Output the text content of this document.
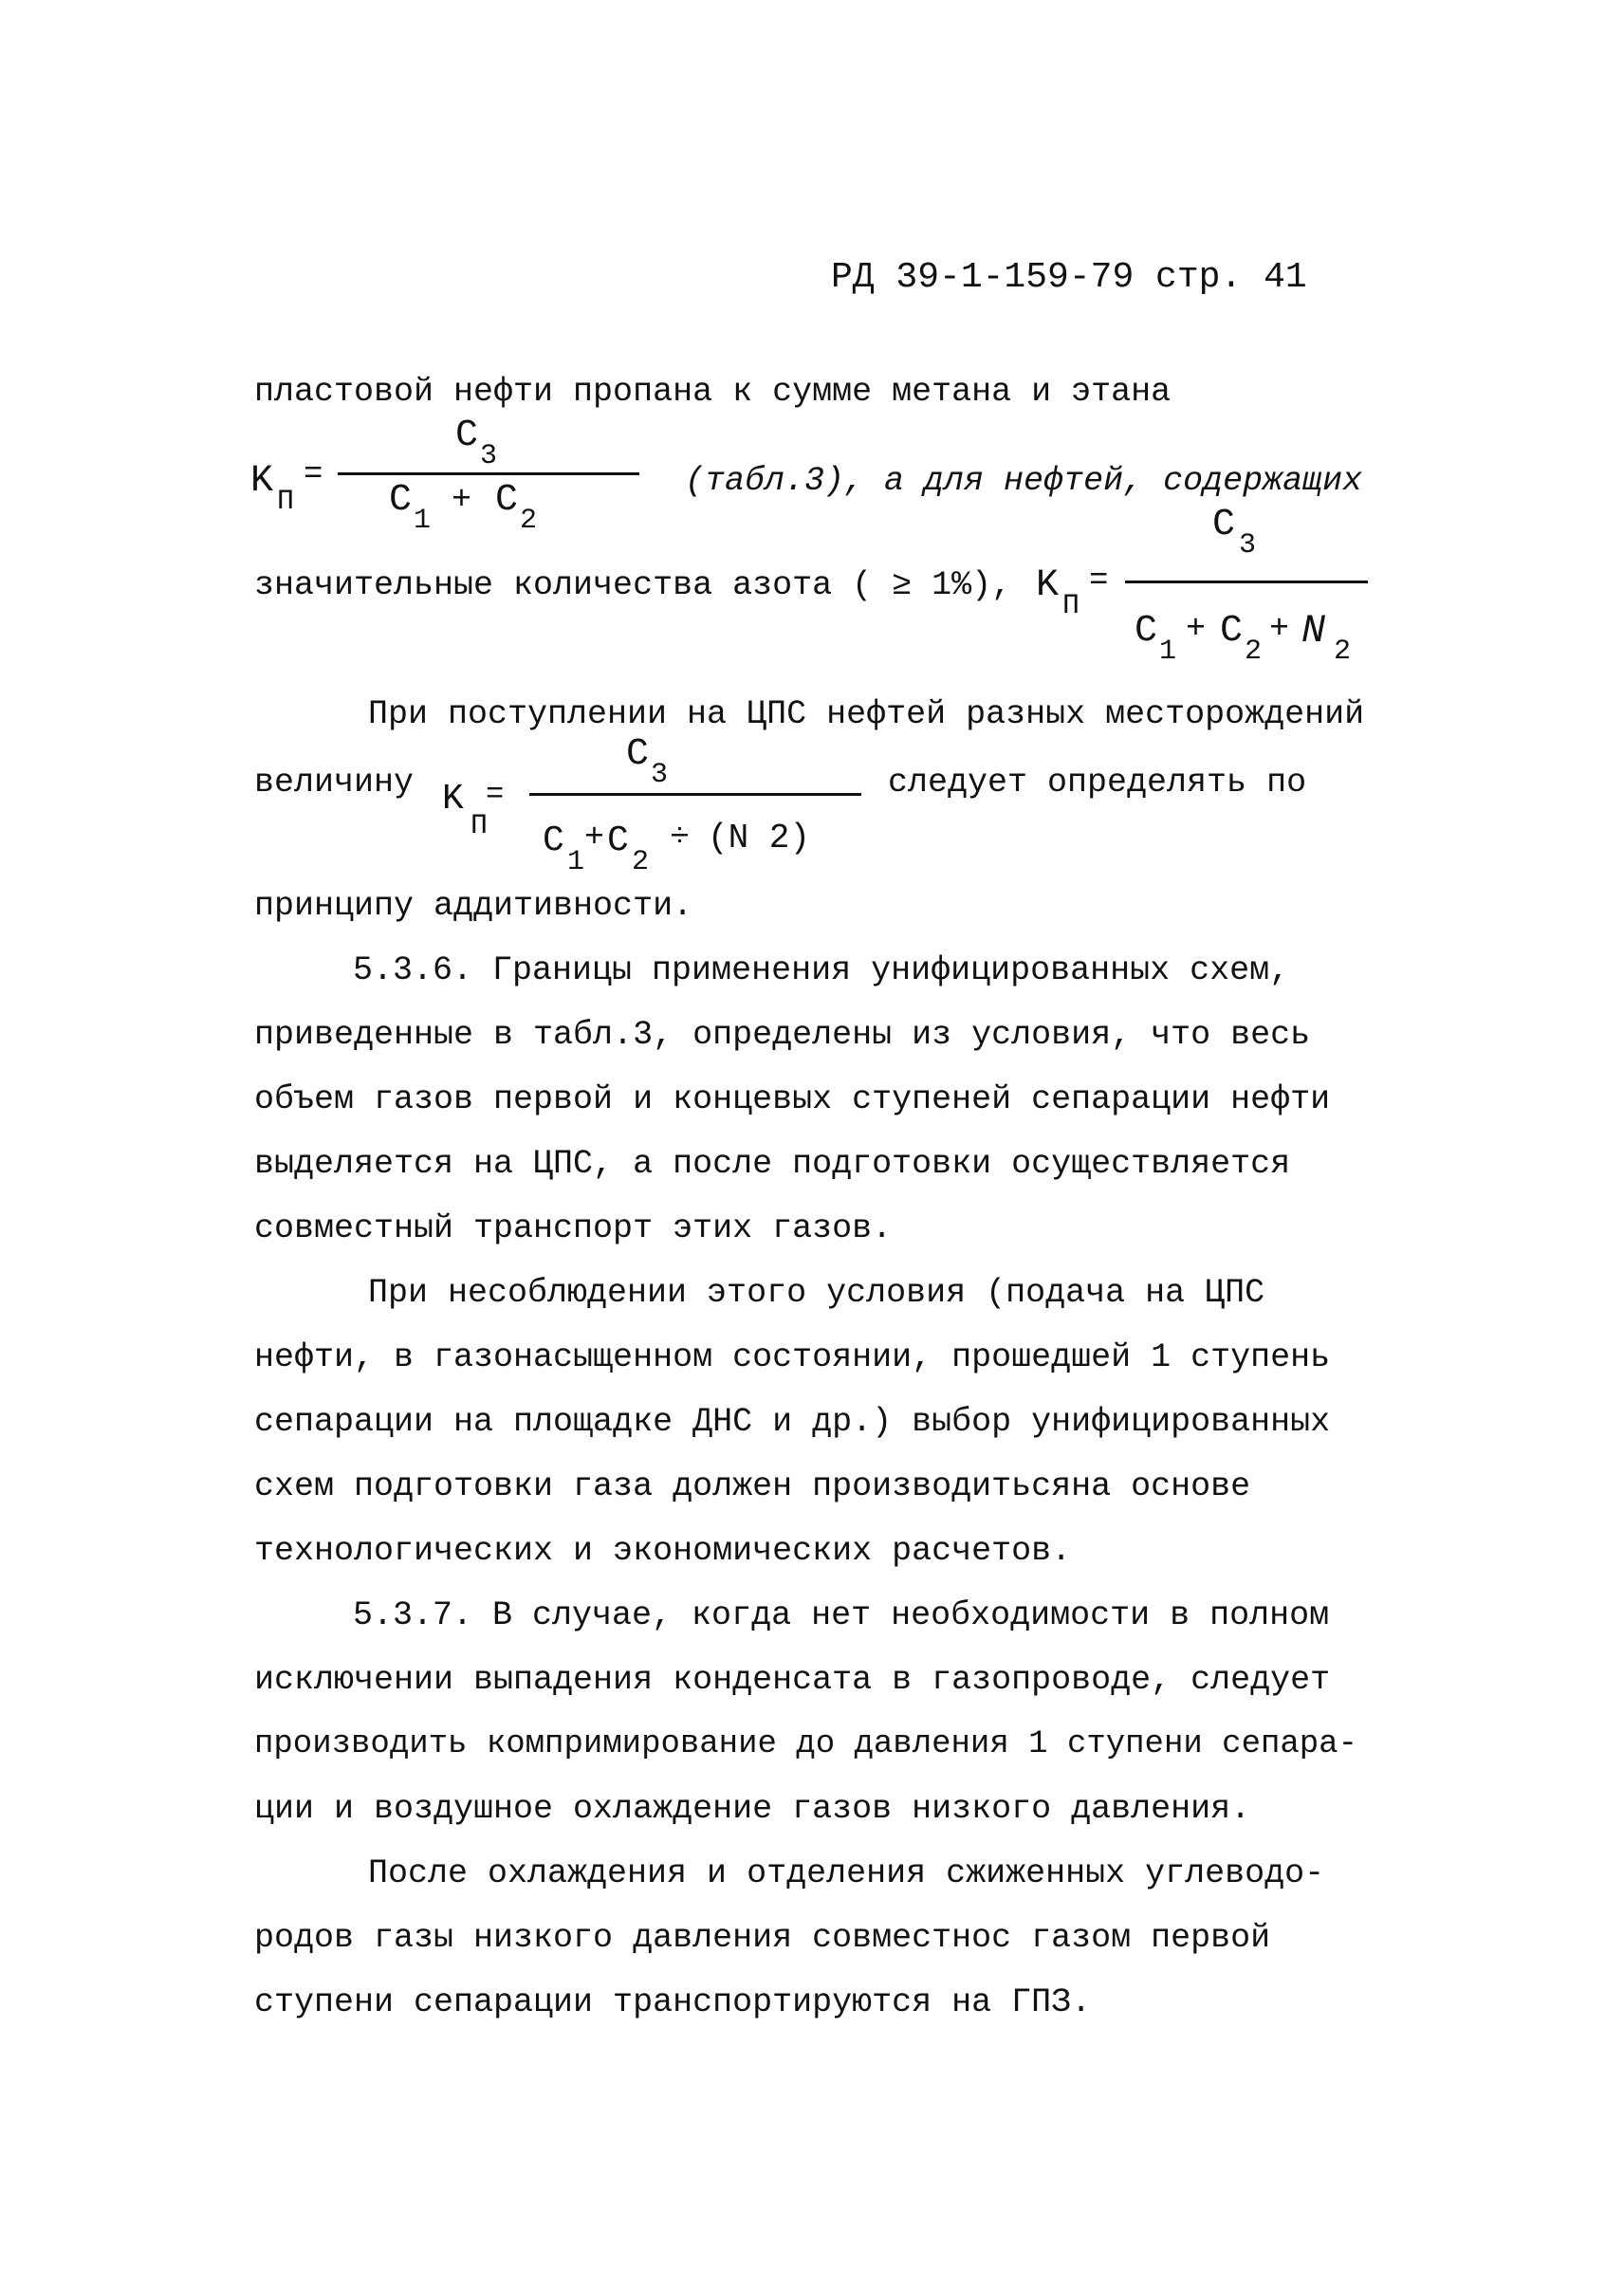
РД 39-1-159-79 стр. 41
пластовой нефти пропана к сумме метана и этана
K П
=
C 3
C 1
+ C 2
(табл.3), а для нефтей, содержащих
значительные количества азота ( ≥ 1%), K П
=
C 3
C 1
+ C 2
+ N 2
При поступлении на ЦПС нефтей разных месторождений
величину K
П
=
C 3
C
1
+ C
2
÷ (N 2)
следует определять по
принципу аддитивности.
5.3.6. Границы применения унифицированных схем,
приведенные в табл.3, определены из условия, что весь
объем газов первой и концевых ступеней сепарации нефти
выделяется на ЦПС, а после подготовки осуществляется
совместный транспорт этих газов.
При несоблюдении этого условия (подача на ЦПС
нефти, в газонасыщенном состоянии, прошедшей 1 ступень
сепарации на площадке ДНС и др.) выбор унифицированных
схем подготовки газа должен производитьсяна основе
технологических и экономических расчетов.
5.3.7. В случае, когда нет необходимости в полном
исключении выпадения конденсата в газопроводе, следует
производить компримирование до давления 1 ступени сепара-
ции и воздушное охлаждение газов низкого давления.
После охлаждения и отделения сжиженных углеводо-
родов газы низкого давления совместнос газом первой
ступени сепарации транспортируются на ГПЗ.
